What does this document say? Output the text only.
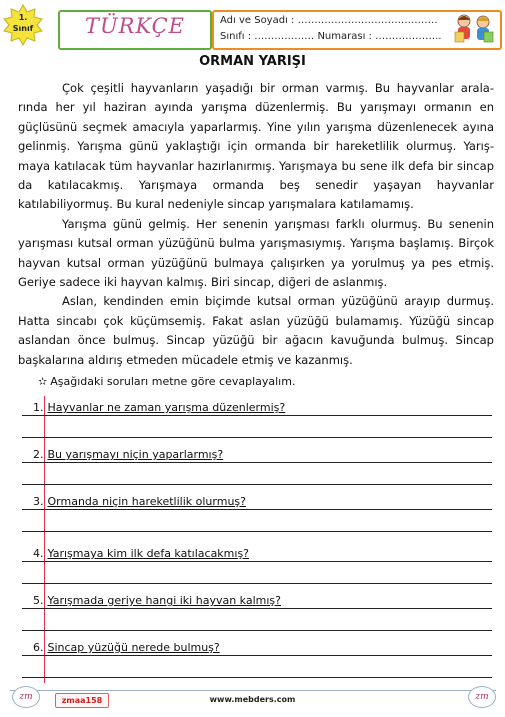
1.
Sınıf	TÜRKÇE	Adı ve Soyadı : ……………………………………
Sınıfı : ……………… Numarası : ………………..
ORMAN YARIŞI

Çok çeşitli hayvanların yaşadığı bir orman varmış. Bu hayvanlar arala-rında her yıl haziran ayında yarışma düzenlermiş. Bu yarışmayı ormanın en güçlüsünü seçmek amacıyla yaparlarmış. Yine yılın yarışma düzenlenecek ayına gelinmiş. Yarışma günü yaklaştığı için ormanda bir hareketlilik olurmuş. Yarış-maya katılacak tüm hayvanlar hazırlanırmış. Yarışmaya bu sene ilk defa bir sincap da katılacakmış. Yarışmaya ormanda beş senedir yaşayan hayvanlar katılabiliyormuş. Bu kural nedeniyle sincap yarışmalara katılamamış.

Yarışma günü gelmiş. Her senenin yarışması farklı olurmuş. Bu senenin yarışması kutsal orman yüzüğünü bulma yarışmasıymış. Yarışma başlamış. Birçok hayvan kutsal orman yüzüğünü bulmaya çalışırken ya yorulmuş ya pes etmiş. Geriye sadece iki hayvan kalmış. Biri sincap, diğeri de aslanmış.

Aslan, kendinden emin biçimde kutsal orman yüzüğünü arayıp durmuş. Hatta sincabı çok küçümsemiş. Fakat aslan yüzüğü bulamamış. Yüzüğü sincap aslandan önce bulmuş. Sincap yüzüğü bir ağacın kavuğunda bulmuş. Sincap başkalarına aldırış etmeden mücadele etmiş ve kazanmış.

✫ Aşağıdaki soruları metne göre cevaplayalım.
1. Hayvanlar ne zaman yarışma düzenlermiş?
2. Bu yarışmayı niçin yaparlarmış?
3. Ormanda niçin hareketlilik olurmuş?
4. Yarışmaya kim ilk defa katılacakmış?
5. Yarışmada geriye hangi iki hayvan kalmış?
6. Sincap yüzüğü nerede bulmuş?
zm	zmaa158	www.mebders.com	zm
